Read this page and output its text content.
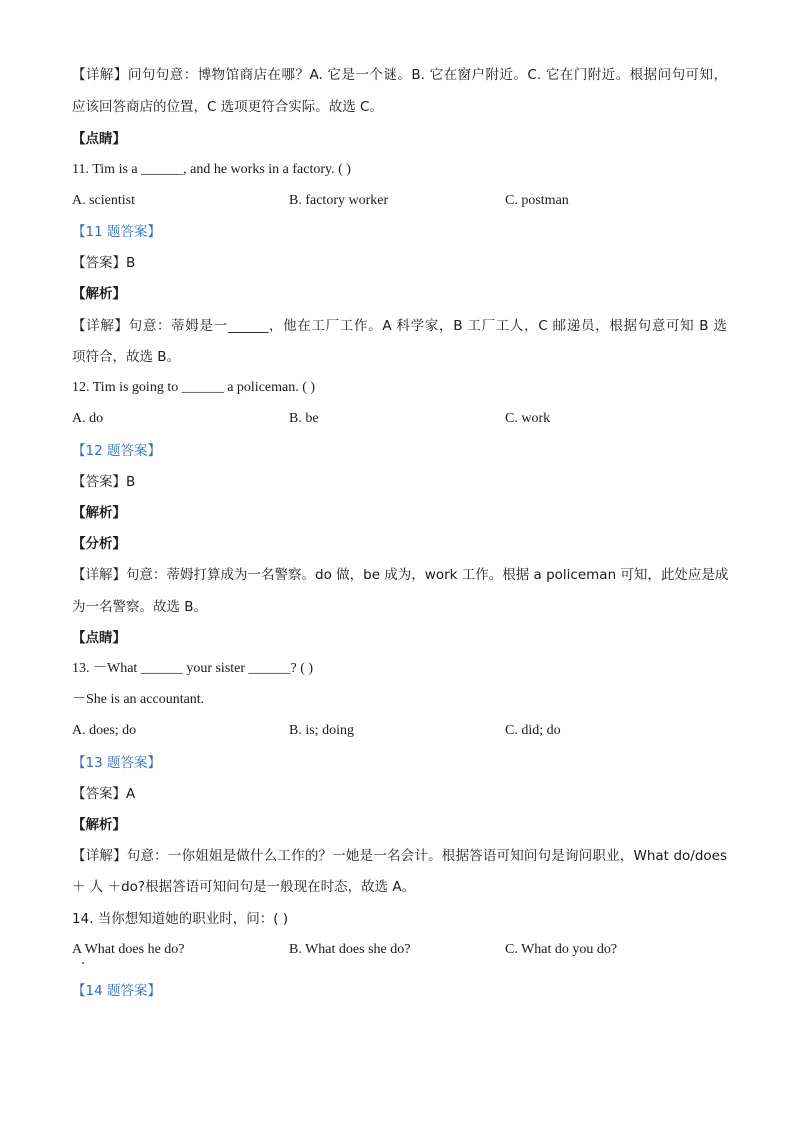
【详解】问句句意：博物馆商店在哪？A. 它是一个谜。B. 它在窗户附近。C. 它在门附近。根据问句可知，
应该回答商店的位置，C 选项更符合实际。故选 C。
【点睛】
11. Tim is a ______, and he works in a factory. ( )
A. scientist	B. factory worker	C. postman
【11 题答案】
【答案】B
【解析】
【详解】句意：蒂姆是一______，他在工厂工作。A 科学家，B 工厂工人，C 邮递员，根据句意可知 B 选
项符合，故选 B。
12. Tim is going to ______ a policeman. ( )
A. do	B. be	C. work
【12 题答案】
【答案】B
【解析】
【分析】
【详解】句意：蒂姆打算成为一名警察。do 做，be 成为，work 工作。根据 a policeman 可知，此处应是成
为一名警察。故选 B。
【点睛】
13. －What ______ your sister ______? ( )
－She is an accountant.
A. does; do	B. is; doing	C. did; do
【13 题答案】
【答案】A
【解析】
【详解】句意：一你姐姐是做什么工作的？一她是一名会计。根据答语可知问句是询问职业，What do/does
＋ 人 ＋do?根据答语可知问句是一般现在时态，故选 A。
14. 当你想知道她的职业时，问：( )
A What does he do?	B. What does she do?	C. What do you do?
【14 题答案】
